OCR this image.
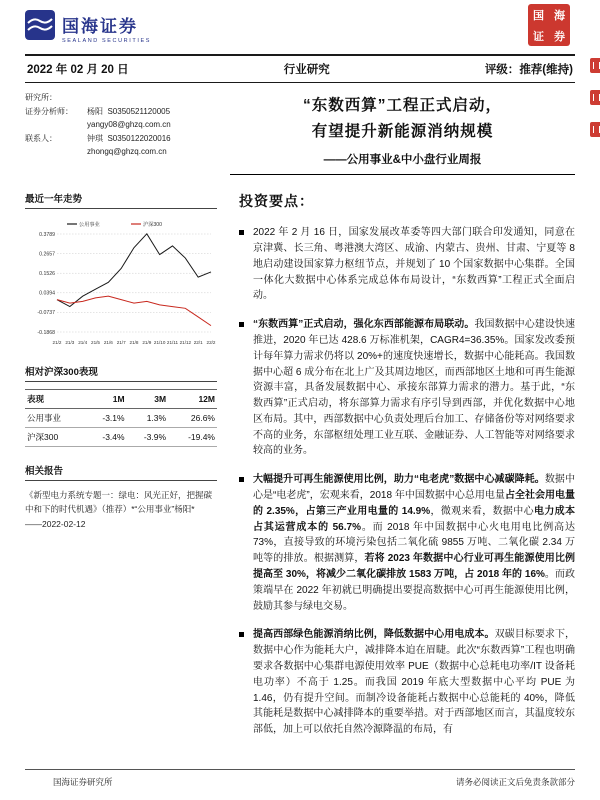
国海证券
SEALAND SECURITIES
国 海
证 券
2022 年 02 月 20 日	行业研究	评级：推荐(维持)
研究所：
证券分析师：	杨阳 S0350521120005
yangy08@ghzq.com.cn
联系人：	钟琪 S0350122020016
zhongq@ghzq.com.cn
“东数西算”工程正式启动，
有望提升新能源消纳规模
——公用事业&中小盘行业周报
最近一年走势
0.3789
0.2657
0.1526
0.0394
-0.0737
-0.1868
21/2 21/3 21/4 21/5 21/6 21/7 21/8 21/9 21/10 21/11 21/12 22/1 22/2
公用事业	沪深300
相对沪深300表现
表现	1M	3M	12M
公用事业	-3.1%	1.3%	26.6%
沪深300	-3.4%	-3.9%	-19.4%
相关报告
《新型电力系统专题一：绿电：风光正好，把握碳中和下的时代机遇》（推荐）*“公用事业”杨阳*
——2022-02-12
投资要点：

2022 年 2 月 16 日，国家发展改革委等四大部门联合印发通知，同意在京津冀、长三角、粤港澳大湾区、成渝、内蒙古、贵州、甘肃、宁夏等 8 地启动建设国家算力枢纽节点，并规划了 10 个国家数据中心集群。全国一体化大数据中心体系完成总体布局设计，“东数西算”工程正式全面启动。

“东数西算”正式启动，强化东西部能源布局联动。我国数据中心建设快速推进，2020 年已达 428.6 万标准机架，CAGR4=36.35%。国家发改委预计每年算力需求仍将以 20%+的速度快速增长，数据中心能耗高。我国数据中心超 6 成分布在北上广及其周边地区，而西部地区土地和可再生能源资源丰富，具备发展数据中心、承接东部算力需求的潜力。基于此，“东数西算”正式启动，将东部算力需求有序引导到西部，并优化数据中心地区布局。其中，西部数据中心负责处理后台加工、存储备份等对网络要求不高的业务，东部枢纽处理工业互联、金融证券、人工智能等对网络要求较高的业务。

大幅提升可再生能源使用比例，助力“电老虎”数据中心减碳降耗。数据中心是“电老虎”，宏观来看，2018 年中国数据中心总用电量占全社会用电量的 2.35%，占第三产业用电量的 14.9%，微观来看，数据中心电力成本占其运营成本的 56.7%。而 2018 年中国数据中心火电用电比例高达 73%，直接导致的环境污染包括二氧化硫 9855 万吨、二氧化碳 2.34 万吨等的排放。根据测算，若将 2023 年数据中心行业可再生能源使用比例提高至 30%，将减少二氧化碳排放 1583 万吨，占 2018 年的 16%。而政策端早在 2022 年初就已明确提出要提高数据中心可再生能源使用比例，鼓励其参与绿电交易。

提高西部绿色能源消纳比例，降低数据中心用电成本。双碳目标要求下，数据中心作为能耗大户，减排降本迫在眉睫。此次“东数西算”工程也明确要求各数据中心集群电源使用效率 PUE（数据中心总耗电功率/IT 设备耗电功率）不高于 1.25。而我国 2019 年底大型数据中心平均 PUE 为 1.46，仍有提升空间。而制冷设备能耗占数据中心总能耗的 40%，降低其能耗是数据中心减排降本的重要举措。对于西部地区而言，其温度较东部低，加上可以依托自然冷源降温的布局，有

国海证券研究所	请务必阅读正文后免责条款部分
